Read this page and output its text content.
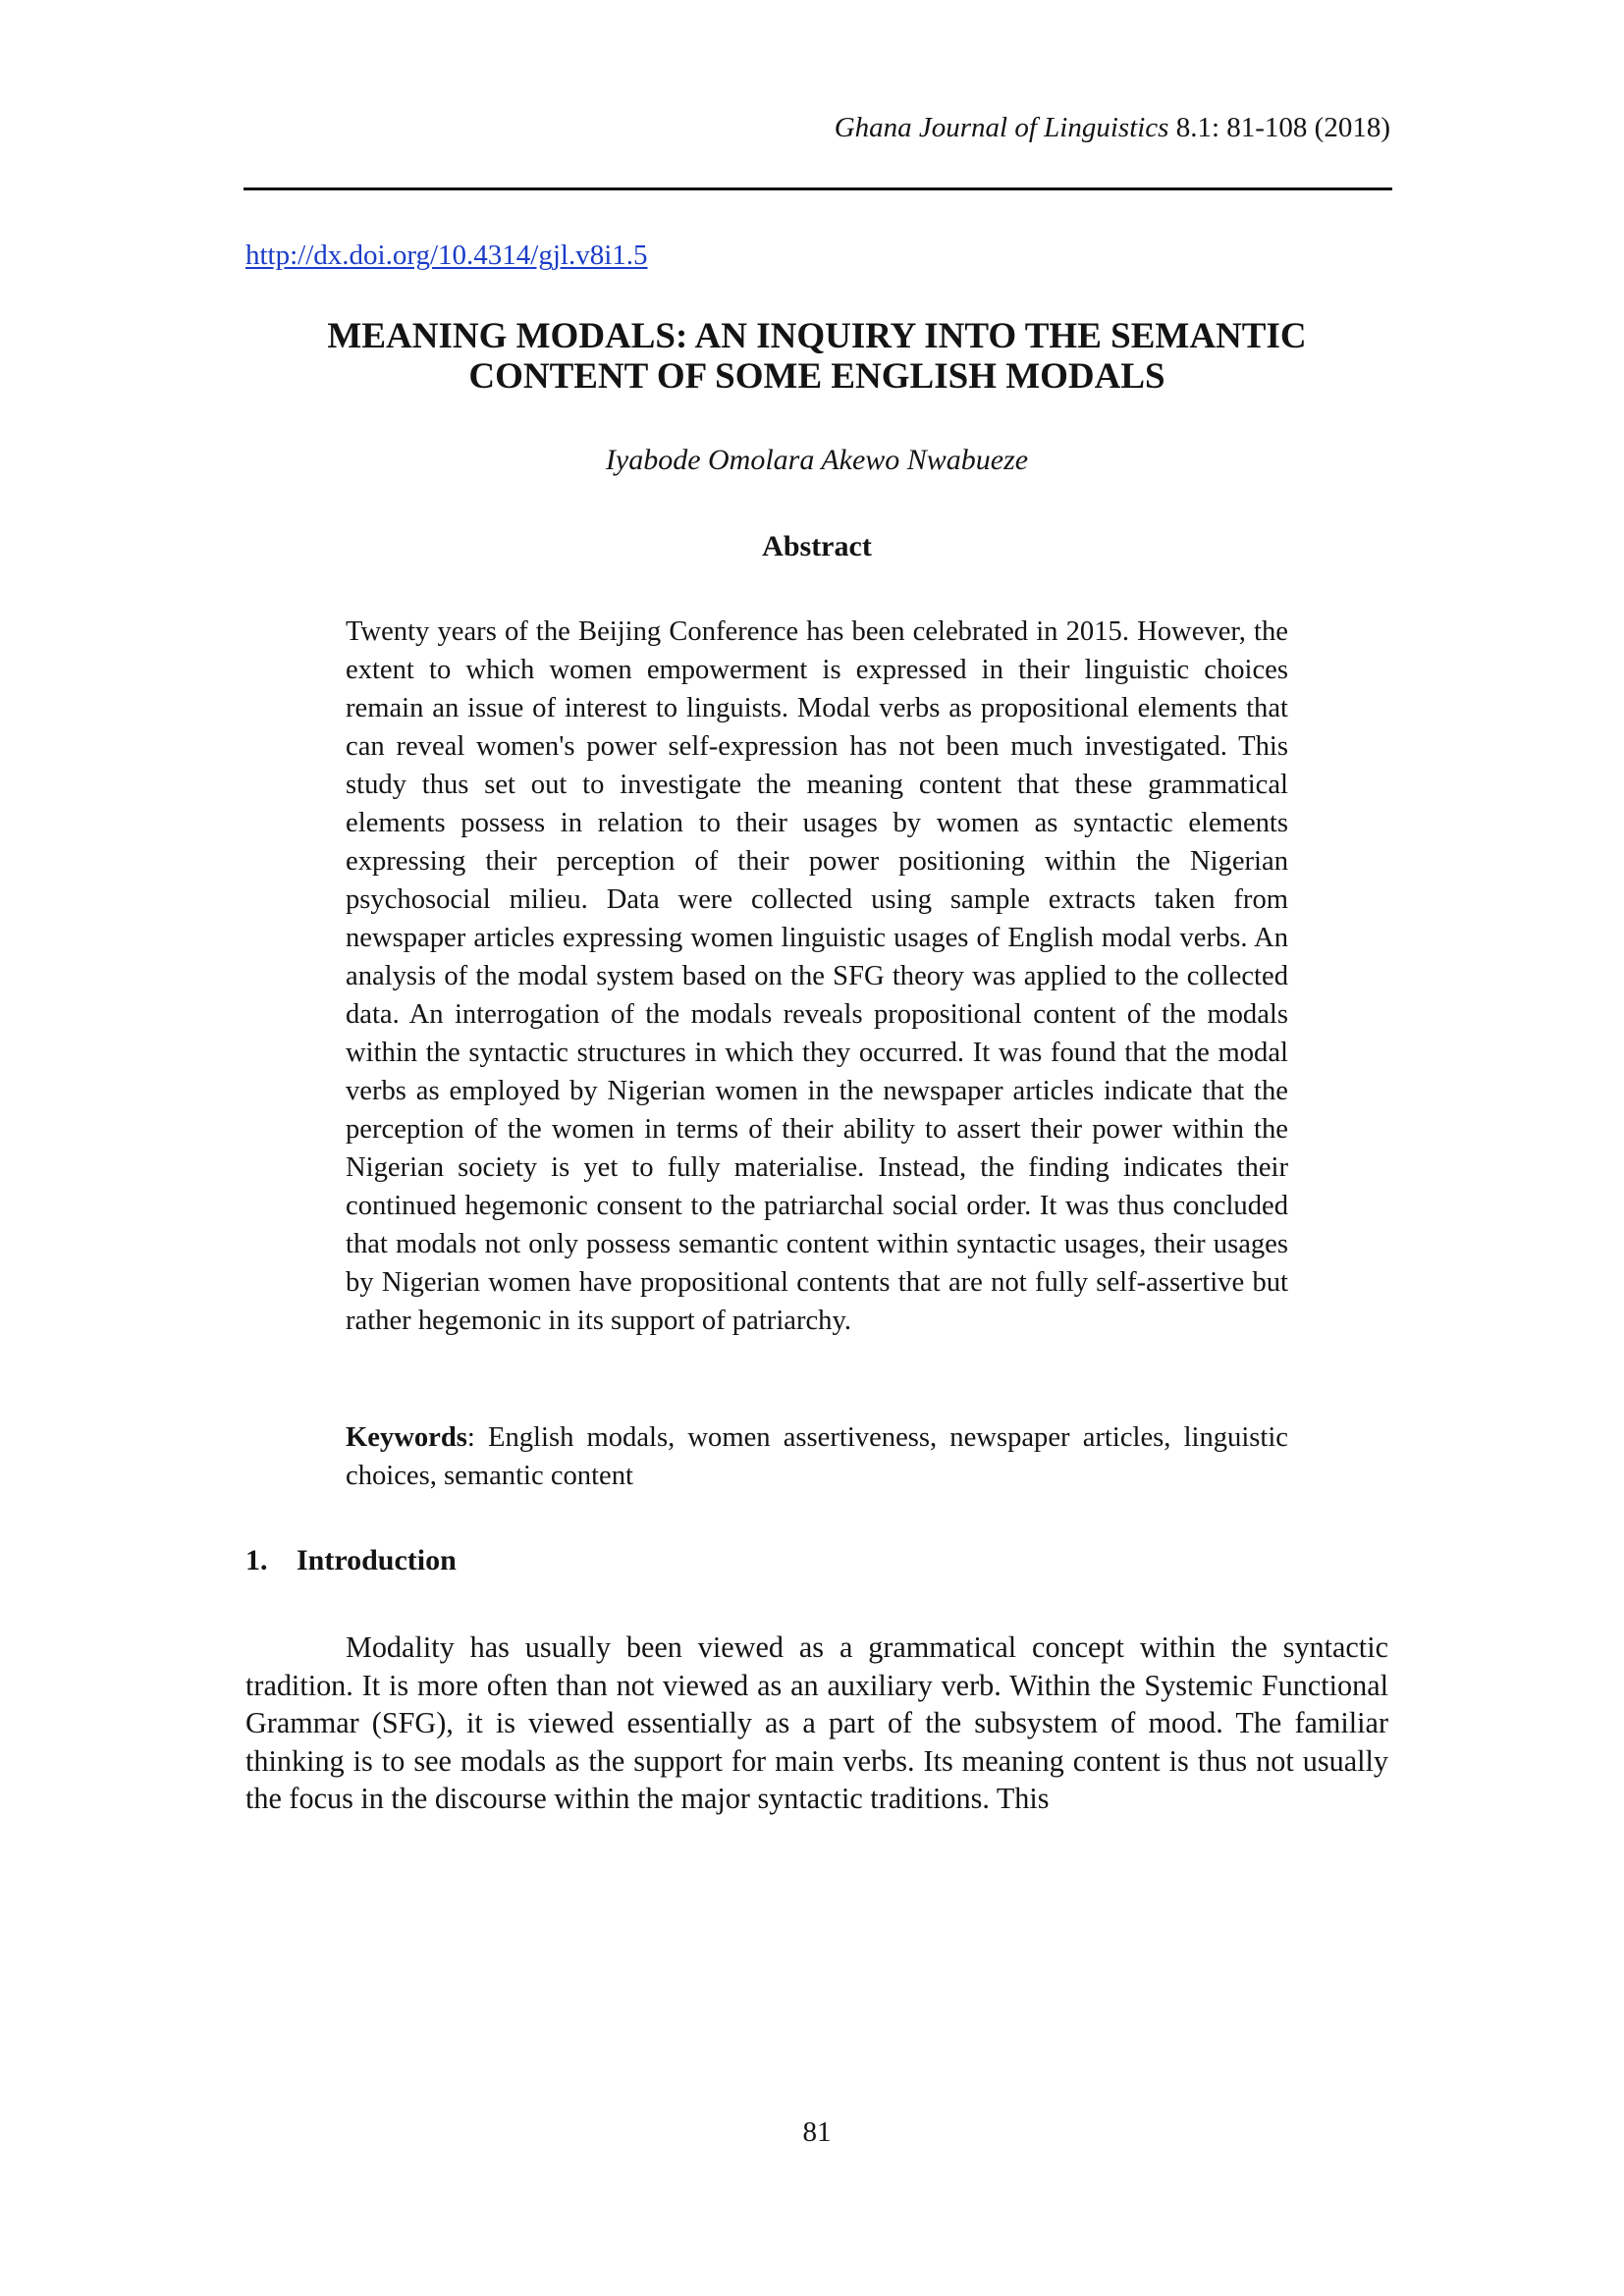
Ghana Journal of Linguistics 8.1: 81-108 (2018)
http://dx.doi.org/10.4314/gjl.v8i1.5
MEANING MODALS: AN INQUIRY INTO THE SEMANTIC CONTENT OF SOME ENGLISH MODALS
Iyabode Omolara Akewo Nwabueze
Abstract

Twenty years of the Beijing Conference has been celebrated in 2015. However, the extent to which women empowerment is expressed in their linguistic choices remain an issue of interest to linguists. Modal verbs as propositional elements that can reveal women's power self-expression has not been much investigated. This study thus set out to investigate the meaning content that these grammatical elements possess in relation to their usages by women as syntactic elements expressing their perception of their power positioning within the Nigerian psychosocial milieu. Data were collected using sample extracts taken from newspaper articles expressing women linguistic usages of English modal verbs. An analysis of the modal system based on the SFG theory was applied to the collected data. An interrogation of the modals reveals propositional content of the modals within the syntactic structures in which they occurred. It was found that the modal verbs as employed by Nigerian women in the newspaper articles indicate that the perception of the women in terms of their ability to assert their power within the Nigerian society is yet to fully materialise. Instead, the finding indicates their continued hegemonic consent to the patriarchal social order. It was thus concluded that modals not only possess semantic content within syntactic usages, their usages by Nigerian women have propositional contents that are not fully self-assertive but rather hegemonic in its support of patriarchy.

Keywords: English modals, women assertiveness, newspaper articles, linguistic choices, semantic content

1. Introduction

Modality has usually been viewed as a grammatical concept within the syntactic tradition. It is more often than not viewed as an auxiliary verb. Within the Systemic Functional Grammar (SFG), it is viewed essentially as a part of the subsystem of mood. The familiar thinking is to see modals as the support for main verbs. Its meaning content is thus not usually the focus in the discourse within the major syntactic traditions. This

81
